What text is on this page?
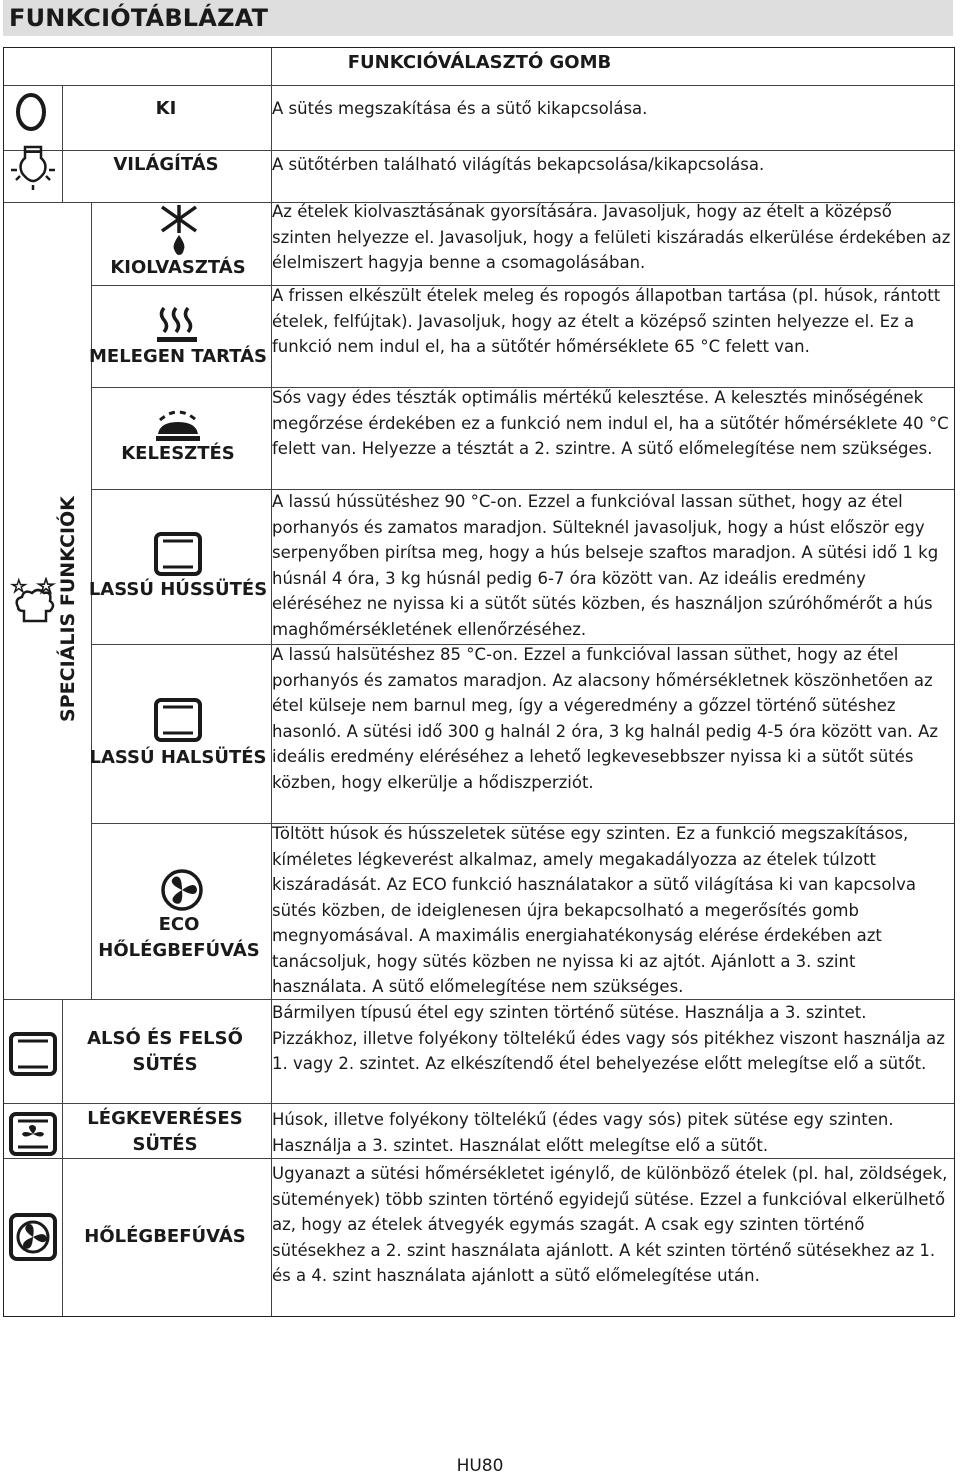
FUNKCIÓTÁBLÁZAT
FUNKCIÓVÁLASZTÓ GOMB
KI	A sütés megszakítása és a sütő kikapcsolása.
VILÁGÍTÁS	A sütőtérben található világítás bekapcsolása/kikapcsolása.
SPECIÁLIS FUNKCIÓK
KIOLVASZTÁS
Az ételek kiolvasztásának gyorsítására. Javasoljuk, hogy az ételt a középső szinten helyezze el. Javasoljuk, hogy a felületi kiszáradás elkerülése érdekében az élelmiszert hagyja benne a csomagolásában.
MELEGEN TARTÁS
A frissen elkészült ételek meleg és ropogós állapotban tartása (pl. húsok, rántott ételek, felfújtak). Javasoljuk, hogy az ételt a középső szinten helyezze el. Ez a funkció nem indul el, ha a sütőtér hőmérséklete 65 °C felett van.
KELESZTÉS
Sós vagy édes tészták optimális mértékű kelesztése. A kelesztés minőségének megőrzése érdekében ez a funkció nem indul el, ha a sütőtér hőmérséklete 40 °C felett van. Helyezze a tésztát a 2. szintre. A sütő előmelegítése nem szükséges.
LASSÚ HÚSSÜTÉS
A lassú hússütéshez 90 °C-on. Ezzel a funkcióval lassan süthet, hogy az étel porhanyós és zamatos maradjon. Sülteknél javasoljuk, hogy a húst először egy serpenyőben pirítsa meg, hogy a hús belseje szaftos maradjon. A sütési idő 1 kg húsnál 4 óra, 3 kg húsnál pedig 6-7 óra között van. Az ideális eredmény eléréséhez ne nyissa ki a sütőt sütés közben, és használjon szúróhőmérőt a hús maghőmérsékletének ellenőrzéséhez.
LASSÚ HALSÜTÉS
A lassú halsütéshez 85 °C-on. Ezzel a funkcióval lassan süthet, hogy az étel porhanyós és zamatos maradjon. Az alacsony hőmérsékletnek köszönhetően az étel külseje nem barnul meg, így a végeredmény a gőzzel történő sütéshez hasonló. A sütési idő 300 g halnál 2 óra, 3 kg halnál pedig 4-5 óra között van. Az ideális eredmény eléréséhez a lehető legkevesebbszer nyissa ki a sütőt sütés közben, hogy elkerülje a hődiszperziót.
ECO HŐLÉGBEFÚVÁS
Töltött húsok és hússzeletek sütése egy szinten. Ez a funkció megszakításos, kíméletes légkeverést alkalmaz, amely megakadályozza az ételek túlzott kiszáradását. Az ECO funkció használatakor a sütő világítása ki van kapcsolva sütés közben, de ideiglenesen újra bekapcsolható a megerősítés gomb megnyomásával. A maximális energiahatékonyság elérése érdekében azt tanácsoljuk, hogy sütés közben ne nyissa ki az ajtót. Ajánlott a 3. szint használata. A sütő előmelegítése nem szükséges.
ALSÓ ÉS FELSŐ SÜTÉS
Bármilyen típusú étel egy szinten történő sütése. Használja a 3. szintet. Pizzákhoz, illetve folyékony töltelékű édes vagy sós pitékhez viszont használja az 1. vagy 2. szintet. Az elkészítendő étel behelyezése előtt melegítse elő a sütőt.
LÉGKEVERÉSES SÜTÉS
Húsok, illetve folyékony töltelékű (édes vagy sós) pitek sütése egy szinten. Használja a 3. szintet. Használat előtt melegítse elő a sütőt.
HŐLÉGBEFÚVÁS
Ugyanazt a sütési hőmérsékletet igénylő, de különböző ételek (pl. hal, zöldségek, sütemények) több szinten történő egyidejű sütése. Ezzel a funkcióval elkerülhető az, hogy az ételek átvegyék egymás szagát. A csak egy szinten történő sütésekhez a 2. szint használata ajánlott. A két szinten történő sütésekhez az 1. és a 4. szint használata ajánlott a sütő előmelegítése után.
HU80
